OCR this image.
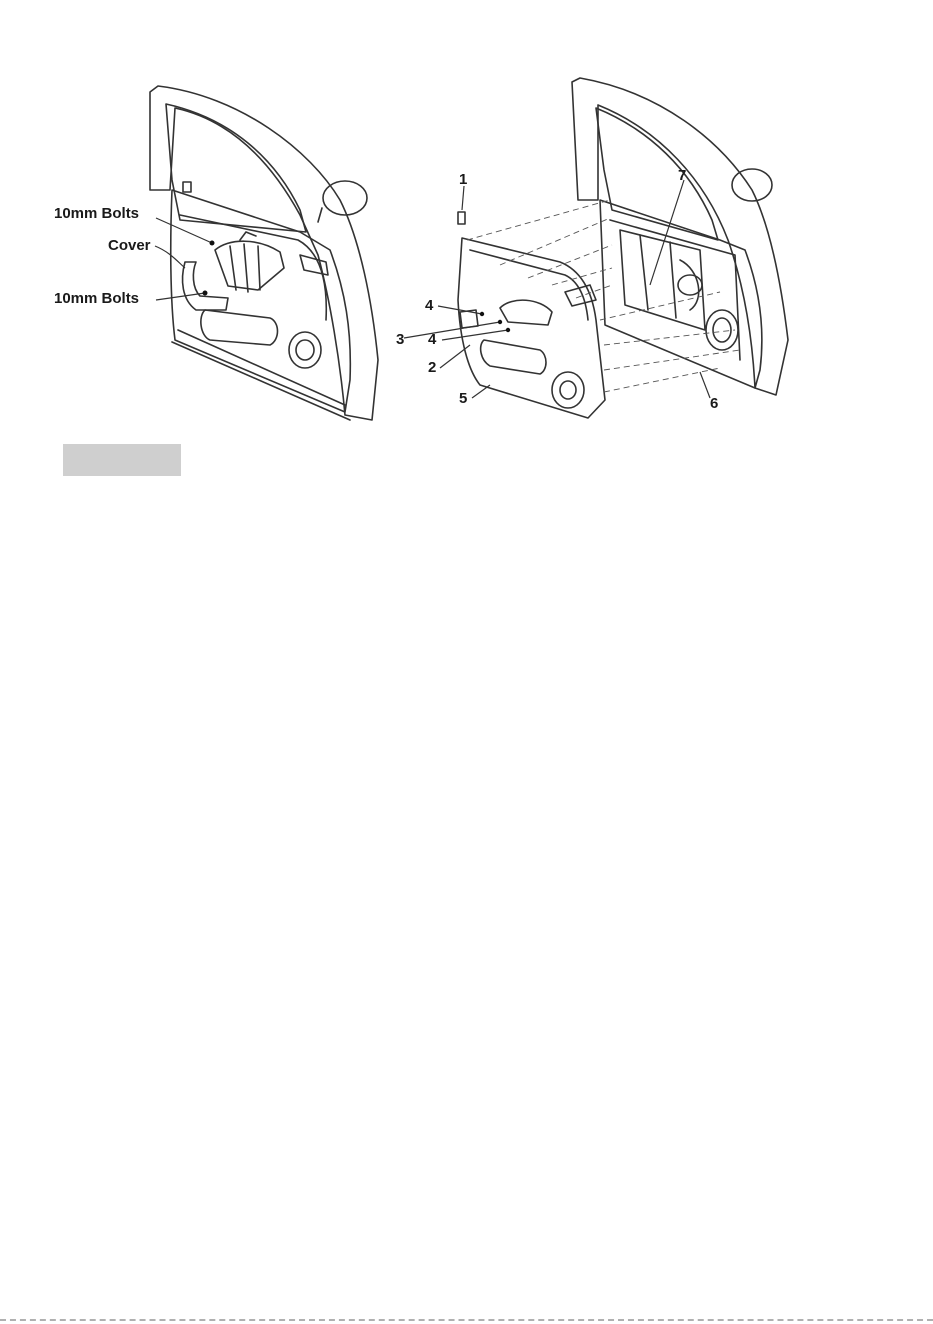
10mm Bolts
Cover
10mm Bolts
1	7
4
3 4
2
5	6
